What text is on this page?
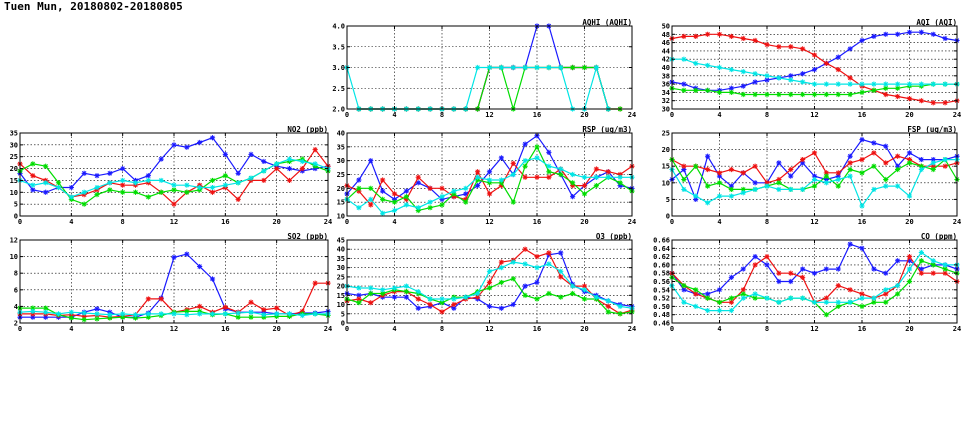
Tuen Mun, 20180802-20180805
0	4	8	12	16	20	24
2.0
2.5
3.0
3.5
4.0	AQHI (AQHI)
0	4	8	12	16	20	24
30
32
34
36
38
40
42
44
46
48
50	AQI (AQI)
0	4	8	12	16	20	24
0
5
10
15
20
25
30
35	NO2 (ppb)
0	4	8	12	16	20	24
10
15
20
25
30
35
40	RSP (ug/m3)
0	4	8	12	16	20	24
0
5
10
15
20
25	FSP (ug/m3)
0	4	8	12	16	20	24
2
4
6
8
10
12	SO2 (ppb)
0	4	8	12	16	20	24
0
5
10
15
20
25
30
35
40
45	O3 (ppb)
0	4	8	12	16	20	24
0.46
0.48
0.50
0.52
0.54
0.56
0.58
0.60
0.62
0.64
0.66	CO (ppm)
